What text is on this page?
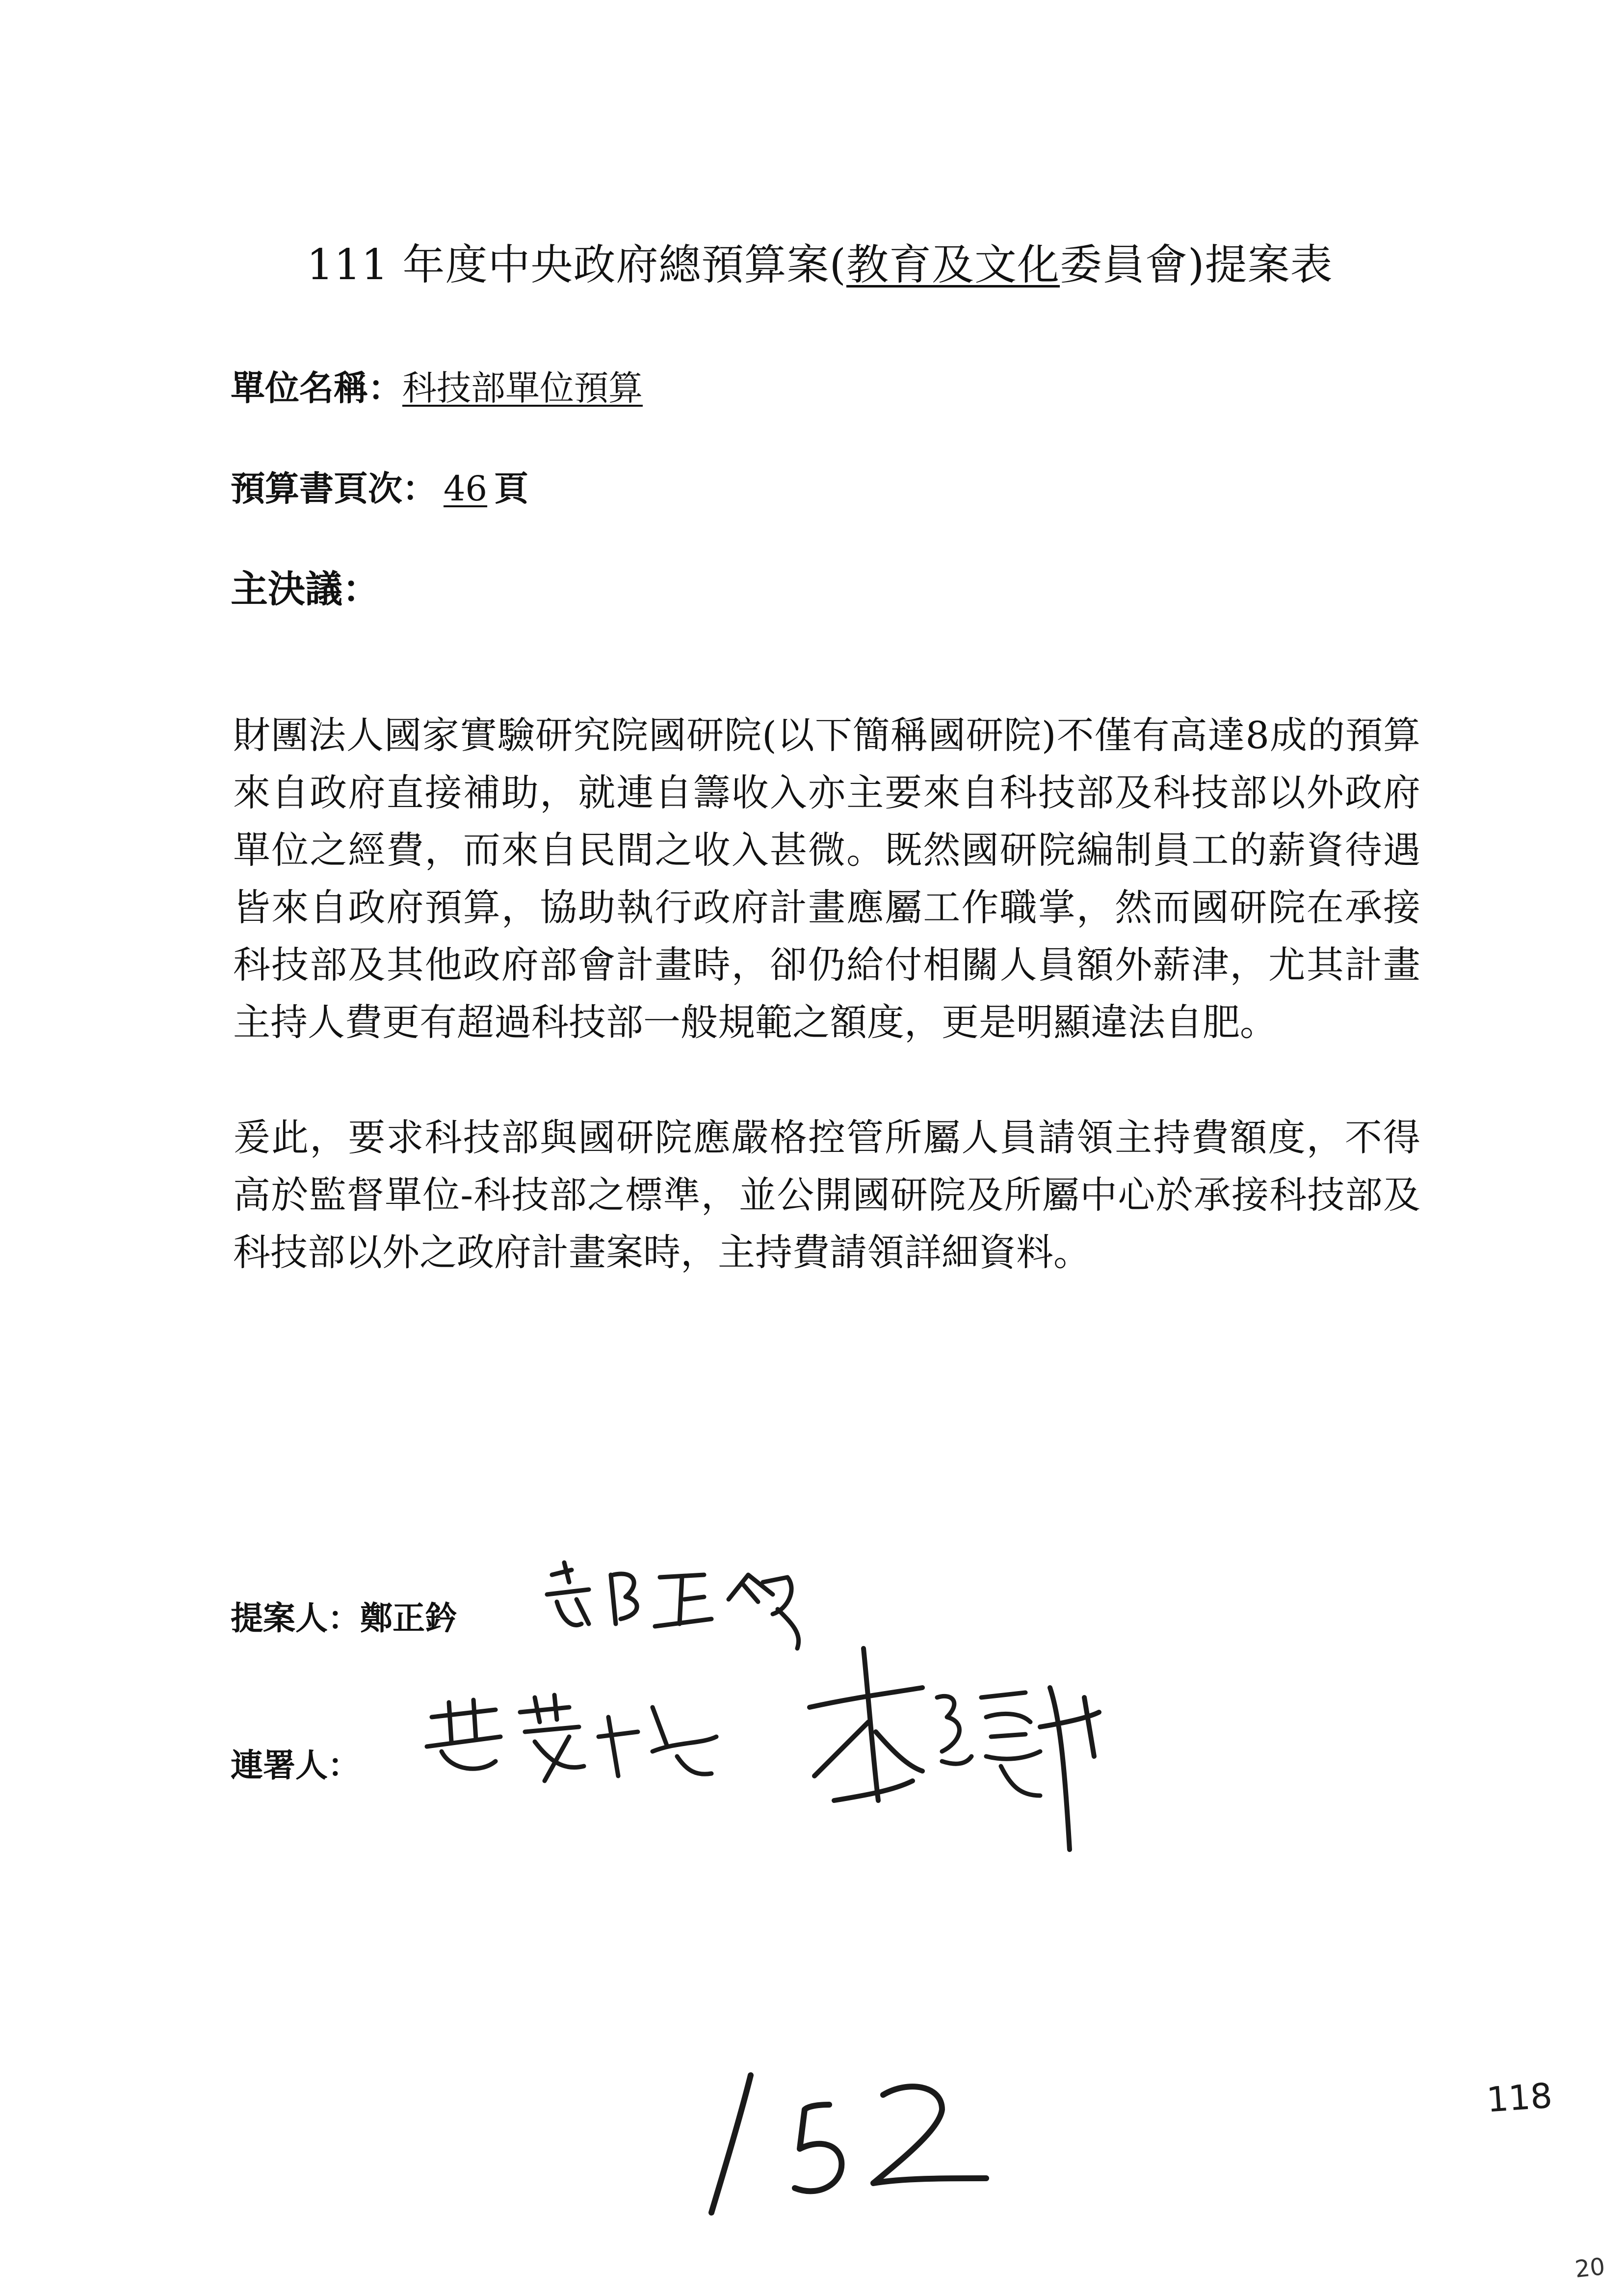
111 年度中央政府總預算案(教育及文化委員會)提案表
單位名稱：科技部單位預算
預算書頁次： 46 頁
主決議：
財團法人國家實驗研究院國研院(以下簡稱國研院)不僅有高達8成的預算來自政府直接補助，就連自籌收入亦主要來自科技部及科技部以外政府單位之經費，而來自民間之收入甚微。既然國研院編制員工的薪資待遇皆來自政府預算，協助執行政府計畫應屬工作職掌，然而國研院在承接科技部及其他政府部會計畫時，卻仍給付相關人員額外薪津，尤其計畫主持人費更有超過科技部一般規範之額度，更是明顯違法自肥。
爰此，要求科技部與國研院應嚴格控管所屬人員請領主持費額度，不得高於監督單位-科技部之標準，並公開國研院及所屬中心於承接科技部及科技部以外之政府計畫案時，主持費請領詳細資料。
提案人：鄭正鈐
連署人：
118
20
